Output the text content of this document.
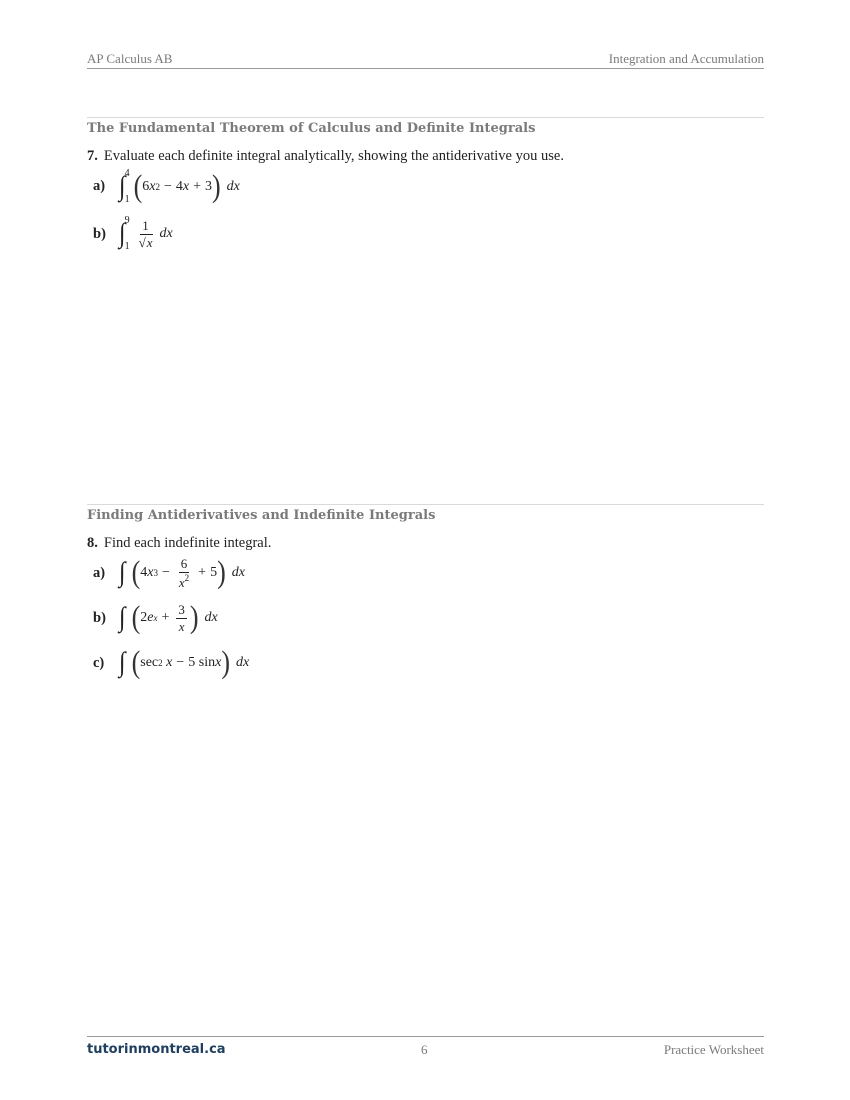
AP Calculus AB	Integration and Accumulation
The Fundamental Theorem of Calculus and Definite Integrals
7. Evaluate each definite integral analytically, showing the antiderivative you use.
a) ∫ 4
1 ( 6 x 2 − 4 x + 3 ) dx
b) ∫ 9
$1 \frac{1}{√x}$ dx
Finding Antiderivatives and Indefinite Integrals
8. Find each indefinite integral.
a) ∫ ( 4 x $3 - \frac{6}{x^2} + 5$ ) dx
b) ∫ ( 2 e $x + \frac{3}{x}$ ) dx
c) ∫ ( sec 2
x − 5 sin x ) dx
tutorinmontreal.ca	6	Practice Worksheet
